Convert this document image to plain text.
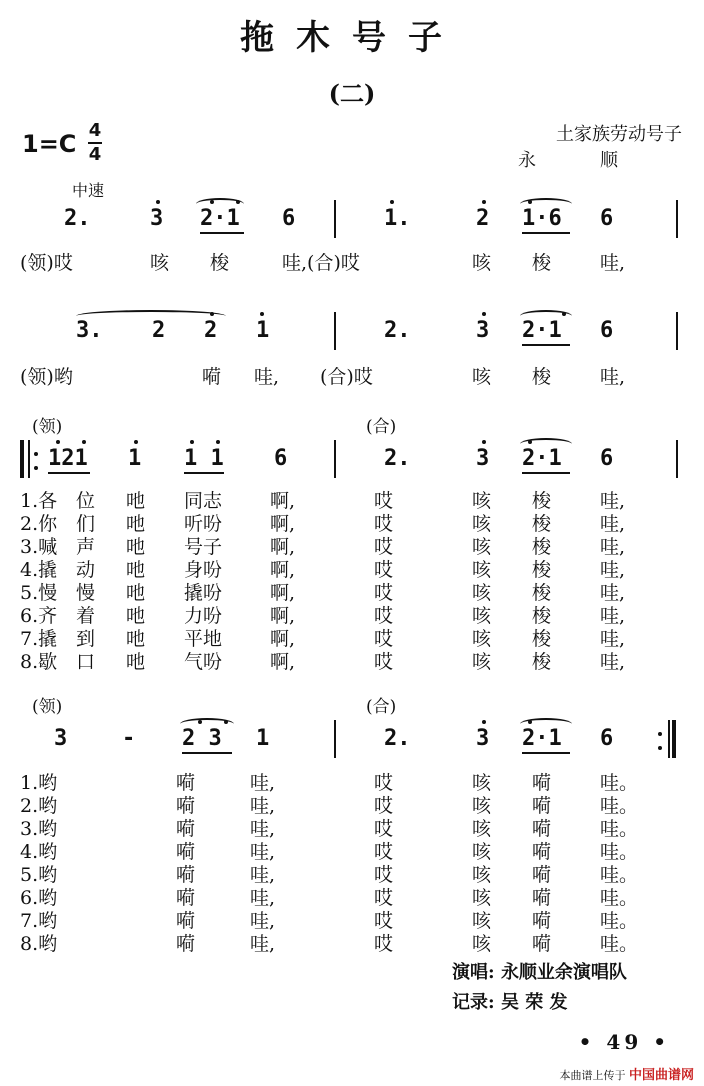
拖木号子
(二)
1=C 4
4
土家族劳动号子
永顺
中速
2.	3 2·1 6	1.	2 1·6 6
(领)哎	咳 梭	哇,(合)哎	咳 梭	哇,
3. 2 2 1	2.	3 2·1 6
(领)哟	嗬 哇, (合)哎	咳 梭	哇,
(领)	(合)
121 1 1 1 6	2.	3 2·1 6
1.各 位 吔 同志	啊,	哎	咳 梭	哇,
2.你 们 吔 听吩	啊,	哎	咳 梭	哇,
3.喊 声 吔 号子	啊,	哎	咳 梭	哇,
4.撬 动 吔 身吩	啊,	哎	咳 梭	哇,
5.慢 慢 吔 撬吩	啊,	哎	咳 梭	哇,
6.齐 着 吔 力吩	啊,	哎	咳 梭	哇,
7.撬 到 吔 平地	啊,	哎	咳 梭	哇,
8.歇 口 吔 气吩	啊,	哎	咳 梭	哇,
(领)	(合)
3 - 2 3 1	2.	3 2·1 6
1.哟	嗬	哇,	哎	咳 嗬	哇。
2.哟	嗬	哇,	哎	咳 嗬	哇。
3.哟	嗬	哇,	哎	咳 嗬	哇。
4.哟	嗬	哇,	哎	咳 嗬	哇。
5.哟	嗬	哇,	哎	咳 嗬	哇。
6.哟	嗬	哇,	哎	咳 嗬	哇。
7.哟	嗬	哇,	哎	咳 嗬	哇。
8.哟	嗬	哇,	哎	咳 嗬	哇。
演唱: 永顺业余演唱队
记录: 吴 荣 发
• 49 •
本曲谱上传于 中国曲谱网
